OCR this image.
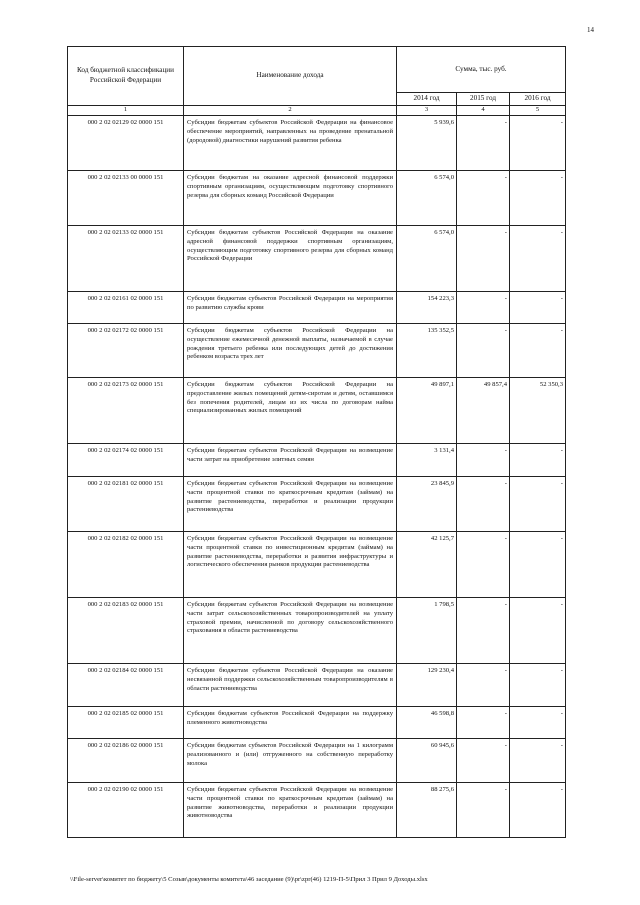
14
Код бюджетной классификации Российской Федерации	Наименование дохода	Сумма, тыс. руб.		
		2014 год	2015 год	2016 год
1	2	3	4	5
000 2 02 02129 02 0000 151	Субсидии бюджетам субъектов Российской Федерации на финансовое обеспечение мероприятий, направленных на проведение пренатальной (дородовой) диагностики нарушений развития ребенка	5 939,6	-	-
000 2 02 02133 00 0000 151	Субсидии бюджетам на оказание адресной финансовой поддержки спортивным организациям, осуществляющим подготовку спортивного резерва для сборных команд Российской Федерации	6 574,0	-	-
000 2 02 02133 02 0000 151	Субсидии бюджетам субъектов Российской Федерации на оказание адресной финансовой поддержки спортивным организациям, осуществляющим подготовку спортивного резерва для сборных команд Российской Федерации	6 574,0	-	-
000 2 02 02161 02 0000 151	Субсидии бюджетам субъектов Российской Федерации на мероприятия по развитию службы крови	154 223,3	-	-
000 2 02 02172 02 0000 151	Субсидии бюджетам субъектов Российской Федерации на осуществление ежемесячной денежной выплаты, назначаемой в случае рождения третьего ребенка или последующих детей до достижения ребенком возраста трех лет	135 352,5	-	-
000 2 02 02173 02 0000 151	Субсидии бюджетам субъектов Российской Федерации на предоставление жилых помещений детям-сиротам и детям, оставшимся без попечения родителей, лицам из их числа по договорам найма специализированных жилых помещений	49 897,1	49 857,4	52 350,3
000 2 02 02174 02 0000 151	Субсидии бюджетам субъектов Российской Федерации на возмещение части затрат на приобретение элитных семян	3 131,4	-	-
000 2 02 02181 02 0000 151	Субсидии бюджетам субъектов Российской Федерации на возмещение части процентной ставки по краткосрочным кредитам (займам) на развитие растениеводства, переработки и реализации продукции растениеводства	23 845,9	-	-
000 2 02 02182 02 0000 151	Субсидии бюджетам субъектов Российской Федерации на возмещение части процентной ставки по инвестиционным кредитам (займам) на развитие растениеводства, переработки и развития инфраструктуры и логистического обеспечения рынков продукции растениеводства	42 125,7	-	-
000 2 02 02183 02 0000 151	Субсидии бюджетам субъектов Российской Федерации на возмещение части затрат сельскохозяйственных товаропроизводителей на уплату страховой премии, начисленной по договору сельскохозяйственного страхования в области растениеводства	1 798,5	-	-
000 2 02 02184 02 0000 151	Субсидии бюджетам субъектов Российской Федерации на оказание несвязанной поддержки сельскохозяйственным товаропроизводителям в области растениеводства	129 230,4	-	-
000 2 02 02185 02 0000 151	Субсидии бюджетам субъектов Российской Федерации на поддержку племенного животноводства	46 598,8	-	-
000 2 02 02186 02 0000 151	Субсидии бюджетам субъектов Российской Федерации на 1 килограмм реализованного и (или) отгруженного на собственную переработку молока	60 945,6	-	-
000 2 02 02190 02 0000 151	Субсидии бюджетам субъектов Российской Федерации на возмещение части процентной ставки по краткосрочным кредитам (займам) на развитие животноводства, переработки и реализации продукции животноводства	88 275,6	-	-
\\File-server\комитет по бюджету\5 Созыв\документы комитета\46 заседание (9)\pr\zpr(46) 1219-П-5\Прил 3 Прил 9 Доходы.xlsx
